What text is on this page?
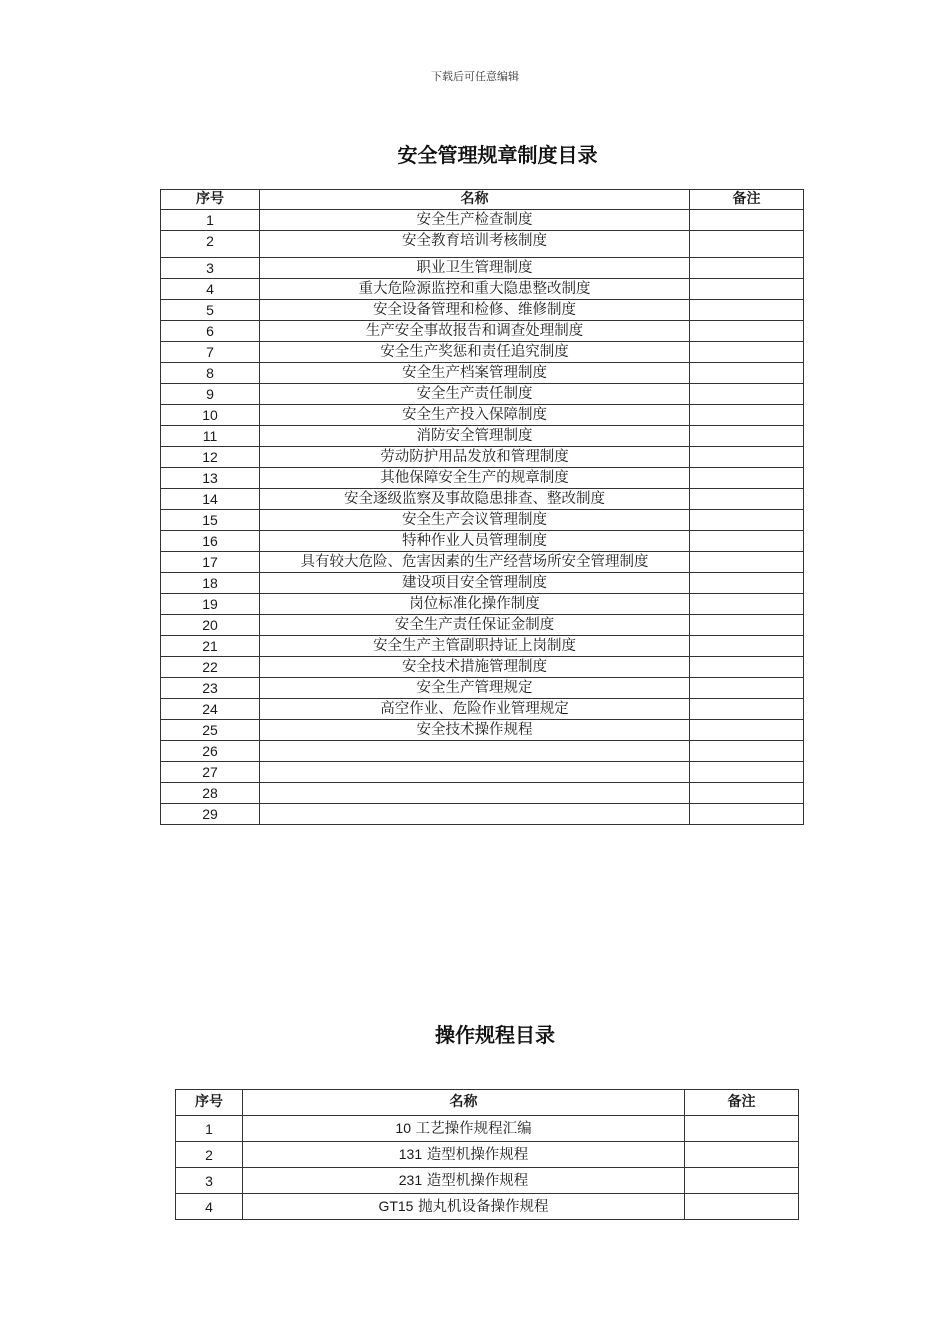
下载后可任意编辑
安全管理规章制度目录
序号	名称	备注
1	安全生产检查制度	
2	安全教育培训考核制度	
3	职业卫生管理制度	
4	重大危险源监控和重大隐患整改制度	
5	安全设备管理和检修、维修制度	
6	生产安全事故报告和调查处理制度	
7	安全生产奖惩和责任追究制度	
8	安全生产档案管理制度	
9	安全生产责任制度	
10	安全生产投入保障制度	
11	消防安全管理制度	
12	劳动防护用品发放和管理制度	
13	其他保障安全生产的规章制度	
14	安全逐级监察及事故隐患排查、整改制度	
15	安全生产会议管理制度	
16	特种作业人员管理制度	
17	具有较大危险、危害因素的生产经营场所安全管理制度	
18	建设项目安全管理制度	
19	岗位标准化操作制度	
20	安全生产责任保证金制度	
21	安全生产主管副职持证上岗制度	
22	安全技术措施管理制度	
23	安全生产管理规定	
24	高空作业、危险作业管理规定	
25	安全技术操作规程	
26		
27		
28		
29		
操作规程目录
序号	名称	备注
1	10 工艺操作规程汇编	
2	131 造型机操作规程	
3	231 造型机操作规程	
4	GT15 抛丸机设备操作规程	
